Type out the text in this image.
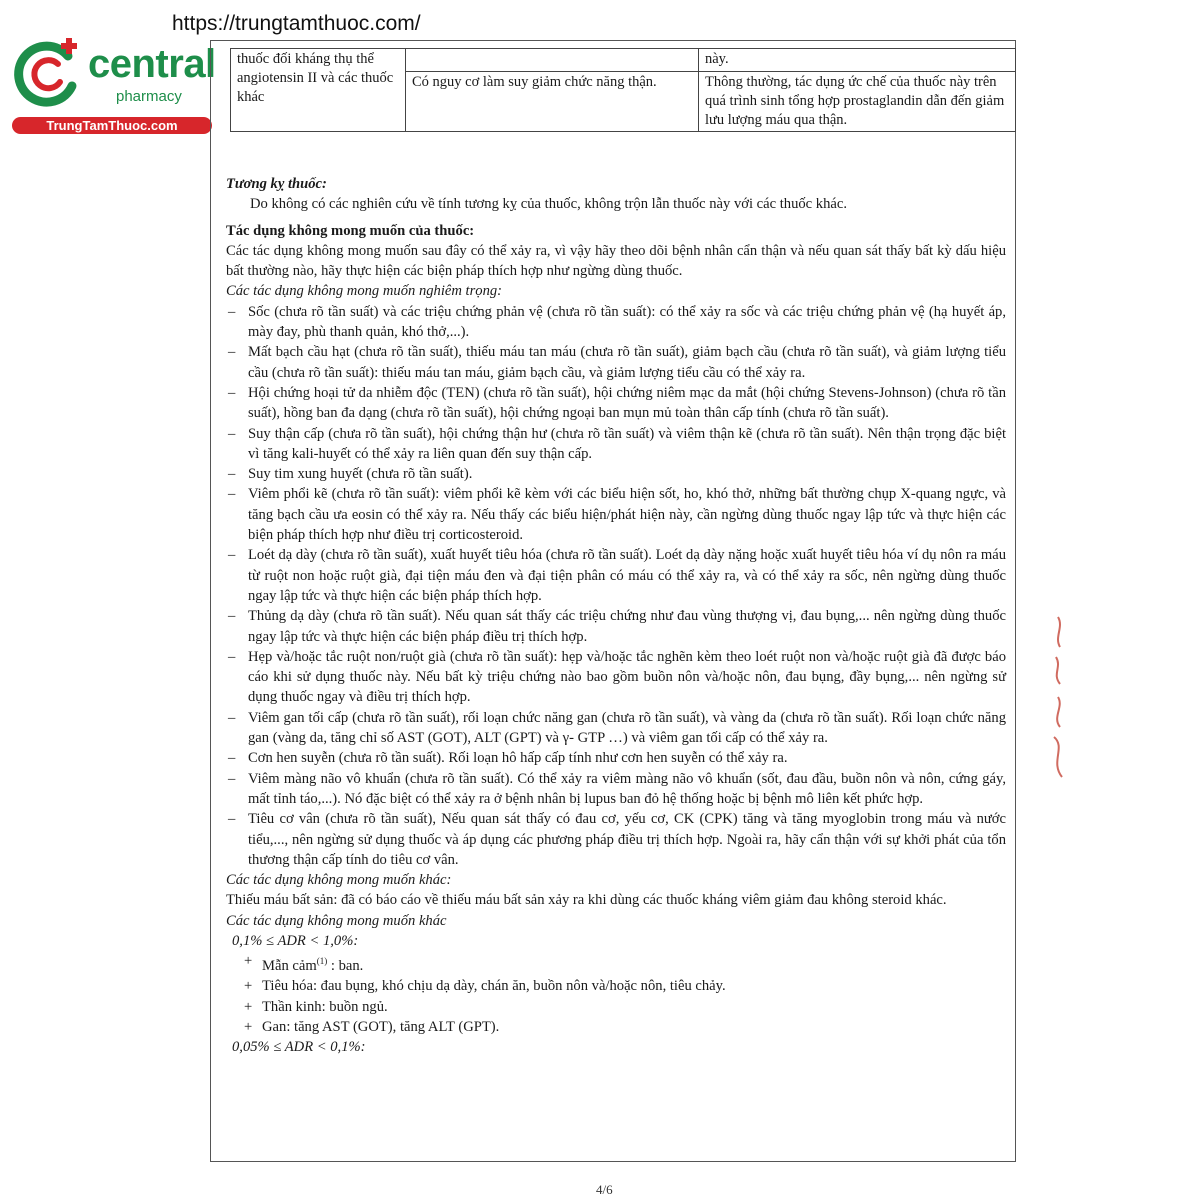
https://trungtamthuoc.com/
central
pharmacy
TrungTamThuoc.com
thuốc đối kháng thụ thể angiotensin II và các thuốc khác		này.
	Có nguy cơ làm suy giảm chức năng thận.	Thông thường, tác dụng ức chế của thuốc này trên quá trình sinh tổng hợp prostaglandin dẫn đến giảm lưu lượng máu qua thận.

Tương kỵ thuốc:

Do không có các nghiên cứu về tính tương kỵ của thuốc, không trộn lẫn thuốc này với các thuốc khác.

Tác dụng không mong muốn của thuốc:

Các tác dụng không mong muốn sau đây có thể xảy ra, vì vậy hãy theo dõi bệnh nhân cẩn thận và nếu quan sát thấy bất kỳ dấu hiệu bất thường nào, hãy thực hiện các biện pháp thích hợp như ngừng dùng thuốc.

Các tác dụng không mong muốn nghiêm trọng:

– Sốc (chưa rõ tần suất) và các triệu chứng phản vệ (chưa rõ tần suất): có thể xảy ra sốc và các triệu chứng phản vệ (hạ huyết áp, mày đay, phù thanh quản, khó thở,...).
– Mất bạch cầu hạt (chưa rõ tần suất), thiếu máu tan máu (chưa rõ tần suất), giảm bạch cầu (chưa rõ tần suất), và giảm lượng tiểu cầu (chưa rõ tần suất): thiếu máu tan máu, giảm bạch cầu, và giảm lượng tiểu cầu có thể xảy ra.
– Hội chứng hoại tử da nhiễm độc (TEN) (chưa rõ tần suất), hội chứng niêm mạc da mắt (hội chứng Stevens-Johnson) (chưa rõ tần suất), hồng ban đa dạng (chưa rõ tần suất), hội chứng ngoại ban mụn mủ toàn thân cấp tính (chưa rõ tần suất).
– Suy thận cấp (chưa rõ tần suất), hội chứng thận hư (chưa rõ tần suất) và viêm thận kẽ (chưa rõ tần suất). Nên thận trọng đặc biệt vì tăng kali-huyết có thể xảy ra liên quan đến suy thận cấp.
– Suy tim xung huyết (chưa rõ tần suất).
– Viêm phổi kẽ (chưa rõ tần suất): viêm phổi kẽ kèm với các biểu hiện sốt, ho, khó thở, những bất thường chụp X-quang ngực, và tăng bạch cầu ưa eosin có thể xảy ra. Nếu thấy các biểu hiện/phát hiện này, cần ngừng dùng thuốc ngay lập tức và thực hiện các biện pháp thích hợp như điều trị corticosteroid.
– Loét dạ dày (chưa rõ tần suất), xuất huyết tiêu hóa (chưa rõ tần suất). Loét dạ dày nặng hoặc xuất huyết tiêu hóa ví dụ nôn ra máu từ ruột non hoặc ruột già, đại tiện máu đen và đại tiện phân có máu có thể xảy ra, và có thể xảy ra sốc, nên ngừng dùng thuốc ngay lập tức và thực hiện các biện pháp thích hợp.
– Thủng dạ dày (chưa rõ tần suất). Nếu quan sát thấy các triệu chứng như đau vùng thượng vị, đau bụng,... nên ngừng dùng thuốc ngay lập tức và thực hiện các biện pháp điều trị thích hợp.
– Hẹp và/hoặc tắc ruột non/ruột già (chưa rõ tần suất): hẹp và/hoặc tắc nghẽn kèm theo loét ruột non và/hoặc ruột già đã được báo cáo khi sử dụng thuốc này. Nếu bất kỳ triệu chứng nào bao gồm buồn nôn và/hoặc nôn, đau bụng, đầy bụng,... nên ngừng sử dụng thuốc ngay và điều trị thích hợp.
– Viêm gan tối cấp (chưa rõ tần suất), rối loạn chức năng gan (chưa rõ tần suất), và vàng da (chưa rõ tần suất). Rối loạn chức năng gan (vàng da, tăng chỉ số AST (GOT), ALT (GPT) và γ- GTP …) và viêm gan tối cấp có thể xảy ra.
– Cơn hen suyễn (chưa rõ tần suất). Rối loạn hô hấp cấp tính như cơn hen suyễn có thể xảy ra.
– Viêm màng não vô khuẩn (chưa rõ tần suất). Có thể xảy ra viêm màng não vô khuẩn (sốt, đau đầu, buồn nôn và nôn, cứng gáy, mất tỉnh táo,...). Nó đặc biệt có thể xảy ra ở bệnh nhân bị lupus ban đỏ hệ thống hoặc bị bệnh mô liên kết phức hợp.
– Tiêu cơ vân (chưa rõ tần suất), Nếu quan sát thấy có đau cơ, yếu cơ, CK (CPK) tăng và tăng myoglobin trong máu và nước tiểu,..., nên ngừng sử dụng thuốc và áp dụng các phương pháp điều trị thích hợp. Ngoài ra, hãy cẩn thận với sự khởi phát của tổn thương thận cấp tính do tiêu cơ vân.

Các tác dụng không mong muốn khác:

Thiếu máu bất sản: đã có báo cáo về thiếu máu bất sản xảy ra khi dùng các thuốc kháng viêm giảm đau không steroid khác.

Các tác dụng không mong muốn khác

0,1% ≤ ADR < 1,0%:

+ Mẫn cảm$^{(1)}$ : ban.
+ Tiêu hóa: đau bụng, khó chịu dạ dày, chán ăn, buồn nôn và/hoặc nôn, tiêu chảy.
+ Thần kinh: buồn ngủ.
+ Gan: tăng AST (GOT), tăng ALT (GPT).

0,05% ≤ ADR < 0,1%:

4/6
